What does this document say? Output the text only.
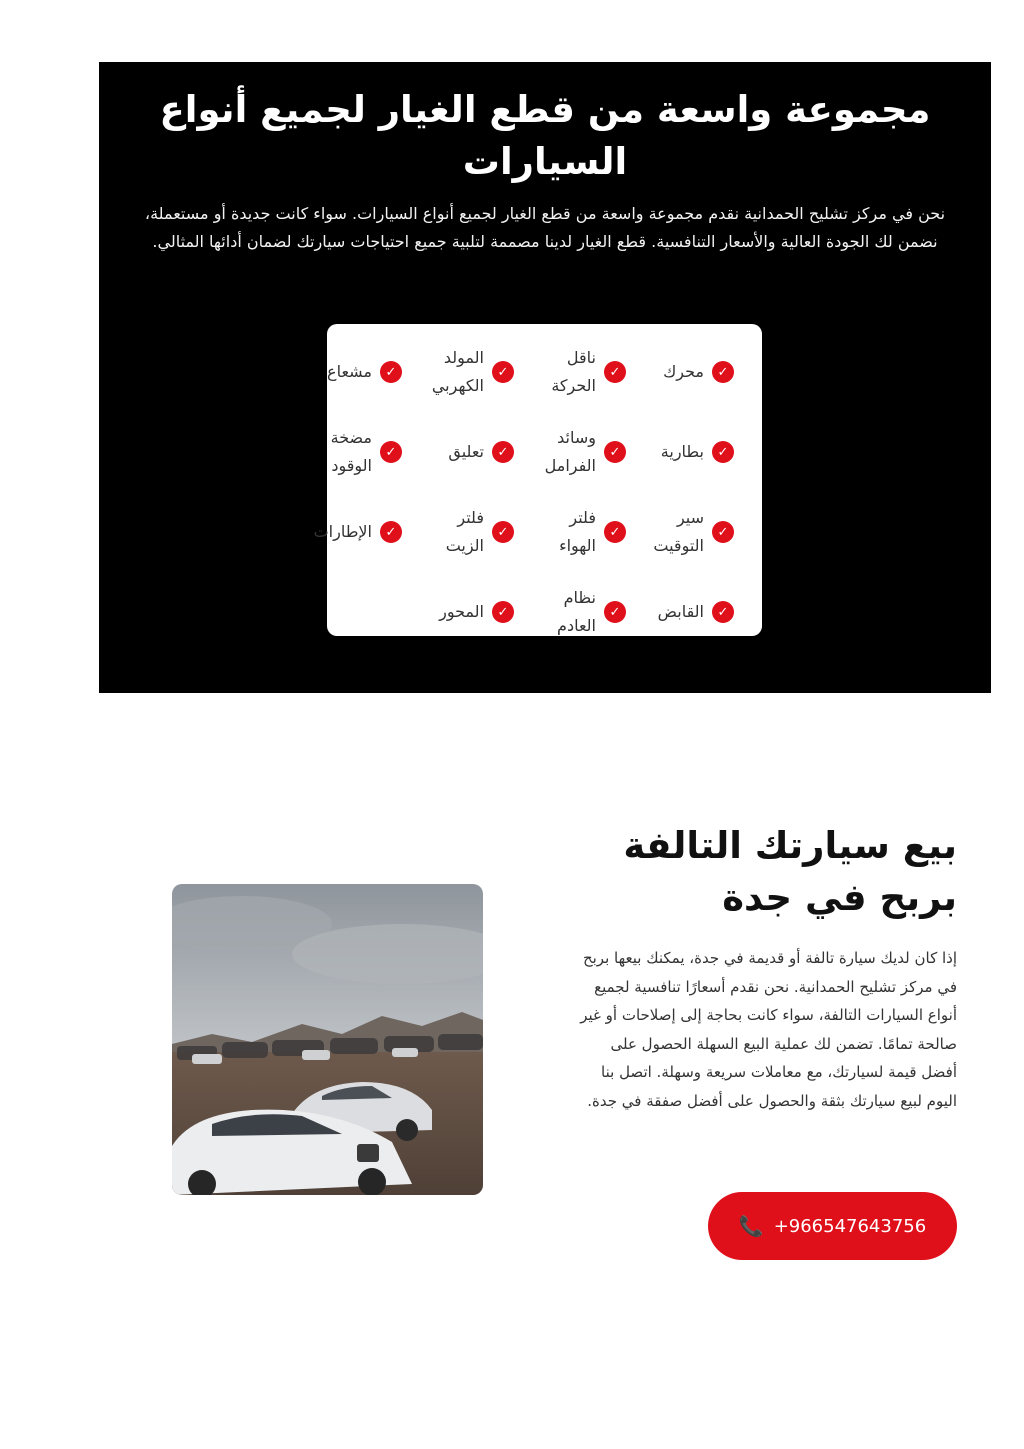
مجموعة واسعة من قطع الغيار لجميع أنواع السيارات

نحن في مركز تشليح الحمدانية نقدم مجموعة واسعة من قطع الغيار لجميع أنواع السيارات. سواء كانت جديدة أو مستعملة، نضمن لك الجودة العالية والأسعار التنافسية. قطع الغيار لدينا مصممة لتلبية جميع احتياجات سيارتك لضمان أدائها المثالي.

✓
محرك
✓
ناقل الحركة
✓
المولد الكهربي
✓
مشعاع
✓
بطارية
✓
وسائد الفرامل
✓
تعليق
✓
مضخة الوقود
✓
سير التوقيت
✓
فلتر الهواء
✓
فلتر الزيت
✓
الإطارات
✓
القابض
✓
نظام العادم
✓
المحور
بيع سيارتك التالفة بربح في جدة

إذا كان لديك سيارة تالفة أو قديمة في جدة، يمكنك بيعها بربح في مركز تشليح الحمدانية. نحن نقدم أسعارًا تنافسية لجميع أنواع السيارات التالفة، سواء كانت بحاجة إلى إصلاحات أو غير صالحة تمامًا. تضمن لك عملية البيع السهلة الحصول على أفضل قيمة لسيارتك، مع معاملات سريعة وسهلة. اتصل بنا اليوم لبيع سيارتك بثقة والحصول على أفضل صفقة في جدة.

📞 +966547643756
